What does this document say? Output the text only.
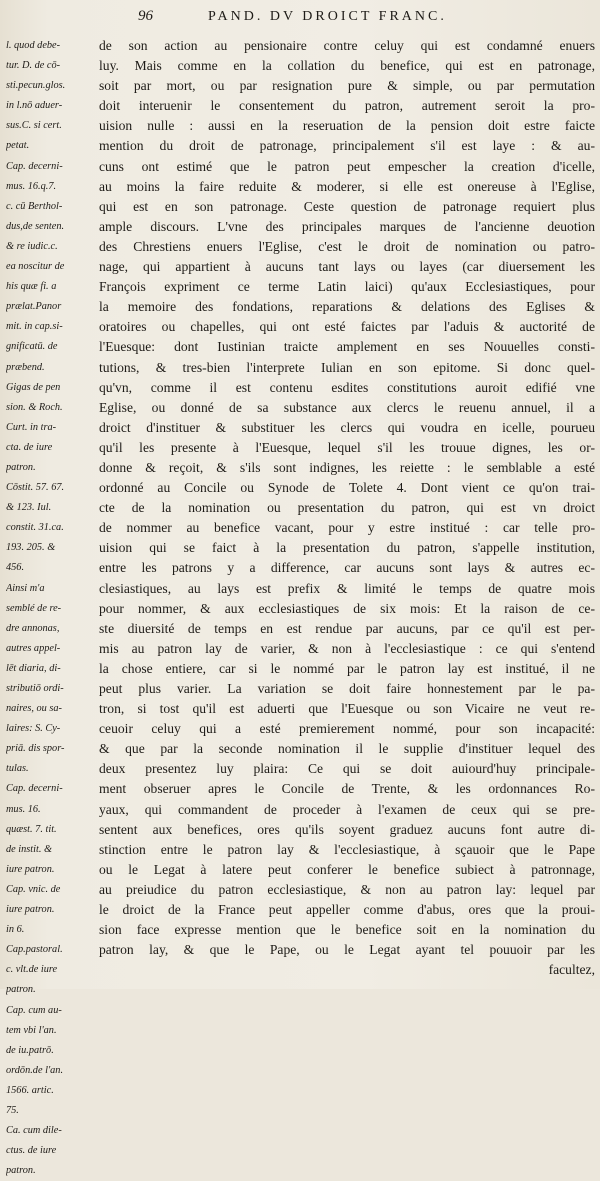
96	PAND. DV DROICT FRANC.
l. quod debe-
tur. D. de cō-
sti.pecun.glos.
in l.nō aduer-
sus.C. si cert.
petat.
Cap. decerni-
mus. 16.q.7.
c. cū Berthol-
dus,de senten.
& re iudic.c.
ea noscitur de
his quæ fi. a
prælat.Panor
mit. in cap.si-
gnificatū. de
præbend.
Gigas de pen
sion. & Roch.
Curt. in tra-
cta. de iure
patron.
Cōstit. 57. 67.
& 123. Iul.
constit. 31.ca.
193. 205. &
456.
Ainsi m'a
semblé de re-
dre annonas,
autres appel-
lēt diaria, di-
stributiō ordi-
naires, ou sa-
laires: S. Cy-
priā. dis spor-
tulas.
Cap. decerni-
mus. 16.
quæst. 7. tit.
de instit. &
iure patron.
Cap. vnic. de
iure patron.
in 6.
Cap.pastoral.
c. vlt.de iure
patron.
Cap. cum au-
tem vbi l'an.
de iu.patrō.
ordōn.de l'an.
1566. artic.
75.
Ca. cum dile-
ctus. de iure
patron.
de son action au pensionaire contre celuy qui est condamné enuers
luy. Mais comme en la collation du benefice, qui est en patronage,
soit par mort, ou par resignation pure & simple, ou par permutation
doit interuenir le consentement du patron, autrement seroit la pro-
uision nulle : aussi en la reseruation de la pension doit estre faicte
mention du droit de patronage, principalement s'il est laye : & au-
cuns ont estimé que le patron peut empescher la creation d'icelle,
au moins la faire reduite & moderer, si elle est onereuse à l'Eglise,
qui est en son patronage. Ceste question de patronage requiert plus
ample discours. L'vne des principales marques de l'ancienne deuotion
des Chrestiens enuers l'Eglise, c'est le droit de nomination ou patro-
nage, qui appartient à aucuns tant lays ou layes (car diuersement les
François expriment ce terme Latin laici) qu'aux Ecclesiastiques, pour
la memoire des fondations, reparations & delations des Eglises &
oratoires ou chapelles, qui ont esté faictes par l'aduis & auctorité de
l'Euesque: dont Iustinian traicte amplement en ses Nouuelles consti-
tutions, & tres-bien l'interprete Iulian en son epitome. Si donc quel-
qu'vn, comme il est contenu esdites constitutions auroit edifié vne
Eglise, ou donné de sa substance aux clercs le reuenu annuel, il a
droict d'instituer & substituer les clercs qui voudra en icelle, pourueu
qu'il les presente à l'Euesque, lequel s'il les trouue dignes, les or-
donne & reçoit, & s'ils sont indignes, les reiette : le semblable a esté
ordonné au Concile ou Synode de Tolete 4. Dont vient ce qu'on trai-
cte de la nomination ou presentation du patron, qui est vn droict
de nommer au benefice vacant, pour y estre institué : car telle pro-
uision qui se faict à la presentation du patron, s'appelle institution,
entre les patrons y a difference, car aucuns sont lays & autres ec-
clesiastiques, au lays est prefix & limité le temps de quatre mois
pour nommer, & aux ecclesiastiques de six mois: Et la raison de ce-
ste diuersité de temps en est rendue par aucuns, par ce qu'il est per-
mis au patron lay de varier, & non à l'ecclesiastique : ce qui s'entend
la chose entiere, car si le nommé par le patron lay est institué, il ne
peut plus varier. La variation se doit faire honnestement par le pa-
tron, si tost qu'il est aduerti que l'Euesque ou son Vicaire ne veut re-
ceuoir celuy qui a esté premierement nommé, pour son incapacité:
& que par la seconde nomination il le supplie d'instituer lequel des
deux presentez luy plaira: Ce qui se doit auiourd'huy principale-
ment obseruer apres le Concile de Trente, & les ordonnances Ro-
yaux, qui commandent de proceder à l'examen de ceux qui se pre-
sentent aux benefices, ores qu'ils soyent graduez aucuns font autre di-
stinction entre le patron lay & l'ecclesiastique, à sçauoir que le Pape
ou le Legat à latere peut conferer le benefice subiect à patronnage,
au preiudice du patron ecclesiastique, & non au patron lay: lequel par
le droict de la France peut appeller comme d'abus, ores que la proui-
sion face expresse mention que le benefice soit en la nomination du
patron lay, & que le Pape, ou le Legat ayant tel pouuoir par les
facultez,
